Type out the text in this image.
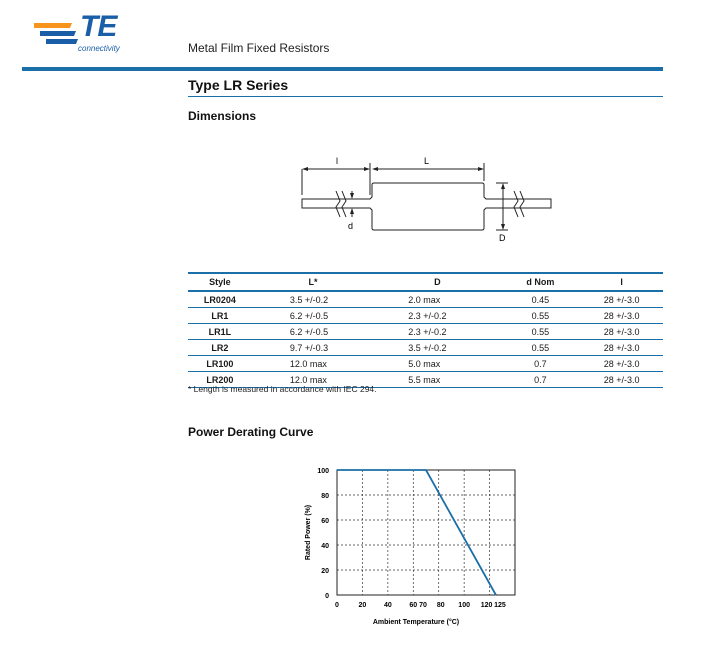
TE
connectivity	Metal Film Fixed Resistors
Type LR Series
Dimensions
l	L
d
D
Style	L*	D	d Nom	l
LR0204	3.5 +/-0.2	2.0 max	0.45	28 +/-3.0
LR1	6.2 +/-0.5	2.3 +/-0.2	0.55	28 +/-3.0
LR1L	6.2 +/-0.5	2.3 +/-0.2	0.55	28 +/-3.0
LR2	9.7 +/-0.3	3.5 +/-0.2	0.55	28 +/-3.0
LR100	12.0 max	5.0 max	0.7	28 +/-3.0
LR200	12.0 max	5.5 max	0.7	28 +/-3.0
* Length is measured in accordance with IEC 294.
Power Derating Curve
0
20
40
60
80
100
0	20	40	60 70 80 100 120 125
Ambient Temperature (°C)
Rated Power (%)
